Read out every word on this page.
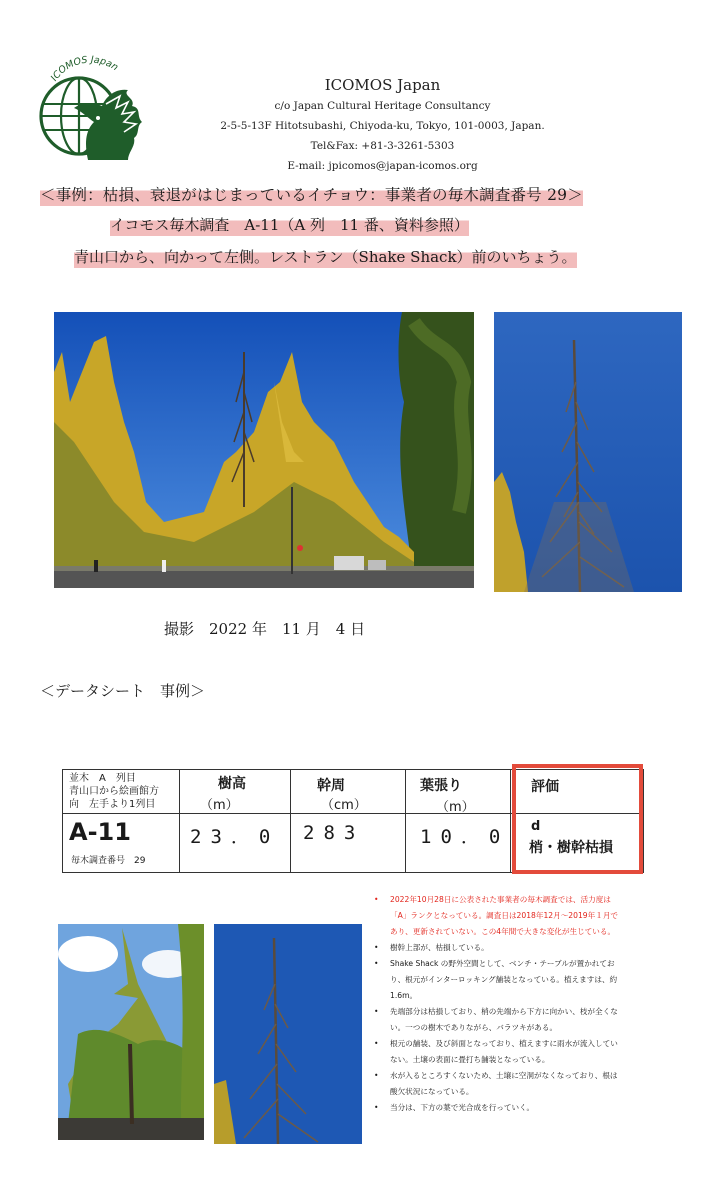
ICOMOS Japan
ICOMOS Japan
c/o Japan Cultural Heritage Consultancy
2-5-5-13F Hitotsubashi, Chiyoda-ku, Tokyo, 101-0003, Japan.
Tel&Fax: +81-3-3261-5303
E-mail: jpicomos@japan-icomos.org
＜事例：枯損、衰退がはじまっているイチョウ：事業者の毎木調査番号 29＞
イコモス毎木調査　A-11（A 列　11 番、資料参照）
青山口から、向かって左側。レストラン（Shake Shack）前のいちょう。
撮影　2022 年　11 月　4 日
＜データシート　事例＞
並木　A　列目
青山口から絵画館方
向　左手より1列目
樹高
（m）
幹周
（cm）
葉張り
（m）
評価
A-11
毎木調査番号　29
23．0 283	10．0 d
梢・樹幹枯損

• 2022年10月28日に公表された事業者の毎木調査では、活力度は「A」ランクとなっている。調査日は2018年12月～2019年１月であり、更新されていない。この4年間で大きな変化が生じている。

• 樹幹上部が、枯損している。

• Shake Shack の野外空間として、ベンチ・テーブルが置かれており、根元がインターロッキング舗装となっている。植えますは、約1.6m。

• 先端部分は枯損しており、梢の先端から下方に向かい、枝が全くない。一つの樹木でありながら、バラツキがある。

• 根元の舗装、及び斜面となっており、植えますに雨水が流入していない。土壌の表面に畳打ち舗装となっている。

• 水が入るところすくないため、土壌に空洞がなくなっており、根は酸欠状況になっている。

• 当分は、下方の葉で光合成を行っていく。
